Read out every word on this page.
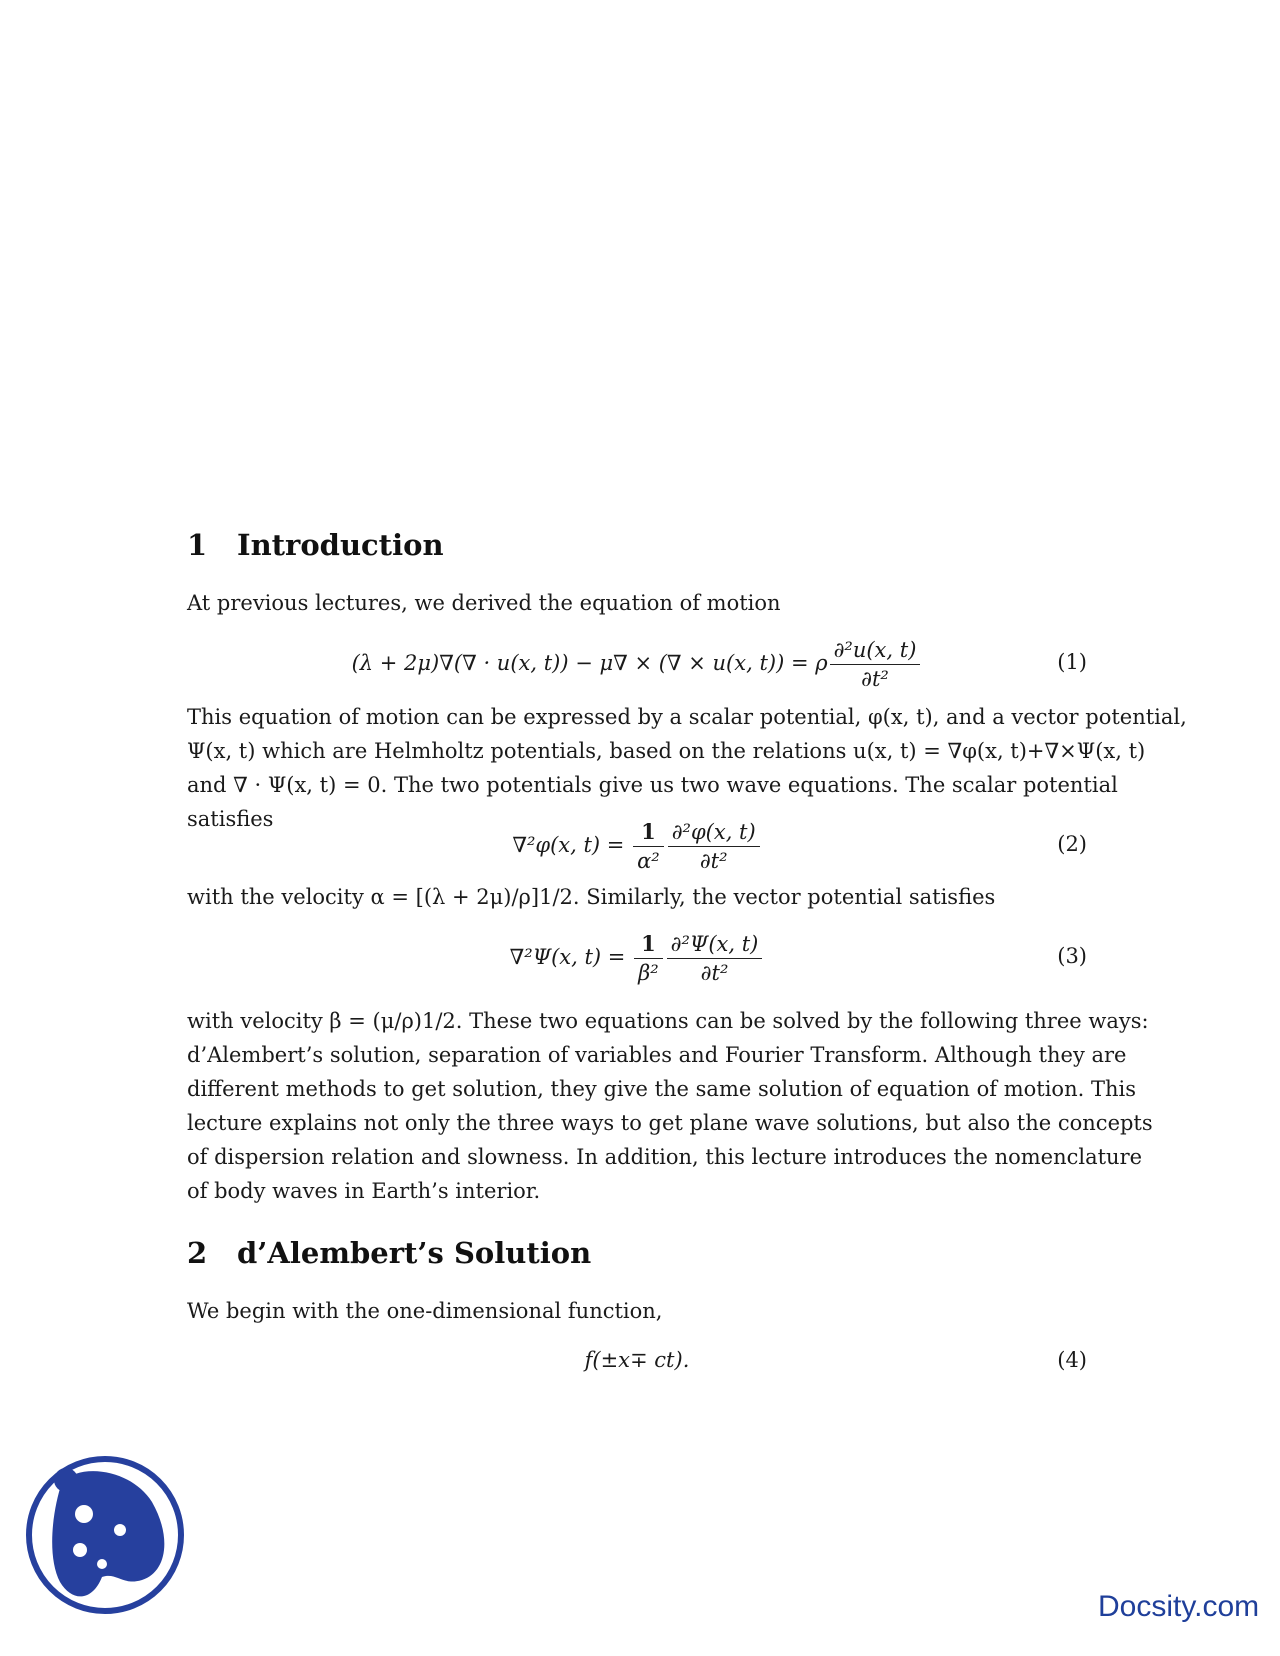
1 Introduction
At previous lectures, we derived the equation of motion
(λ + 2μ)∇(∇ · u(x, t)) − μ∇ × (∇ × u(x, t)) = ρ $\frac{\text{∂²u(x, t)}}{\text{∂t²}}$	(1)
This equation of motion can be expressed by a scalar potential, φ(x, t), and a vector potential,
Ψ(x, t) which are Helmholtz potentials, based on the relations u(x, t) = ∇φ(x, t)+∇×Ψ(x, t)
and ∇ · Ψ(x, t) = 0. The two potentials give us two wave equations. The scalar potential
satisfies
∇²φ(x, $t) = \frac{1}{\text{α²}} \frac{\text{∂²φ(x, t)}}{\text{∂t²}}$	(2)
with the velocity α = [(λ + 2μ)/ρ]1/2. Similarly, the vector potential satisfies
∇²Ψ(x, $t) = \frac{1}{\text{β²}} \frac{\text{∂²Ψ(x, t)}}{\text{∂t²}}$	(3)
with velocity β = (μ/ρ)1/2. These two equations can be solved by the following three ways:
d’Alembert’s solution, separation of variables and Fourier Transform. Although they are
different methods to get solution, they give the same solution of equation of motion. This
lecture explains not only the three ways to get plane wave solutions, but also the concepts
of dispersion relation and slowness. In addition, this lecture introduces the nomenclature
of body waves in Earth’s interior.
2 d’Alembert’s Solution
We begin with the one-dimensional function,
f(±x∓ ct).	(4)
Docsity.com
